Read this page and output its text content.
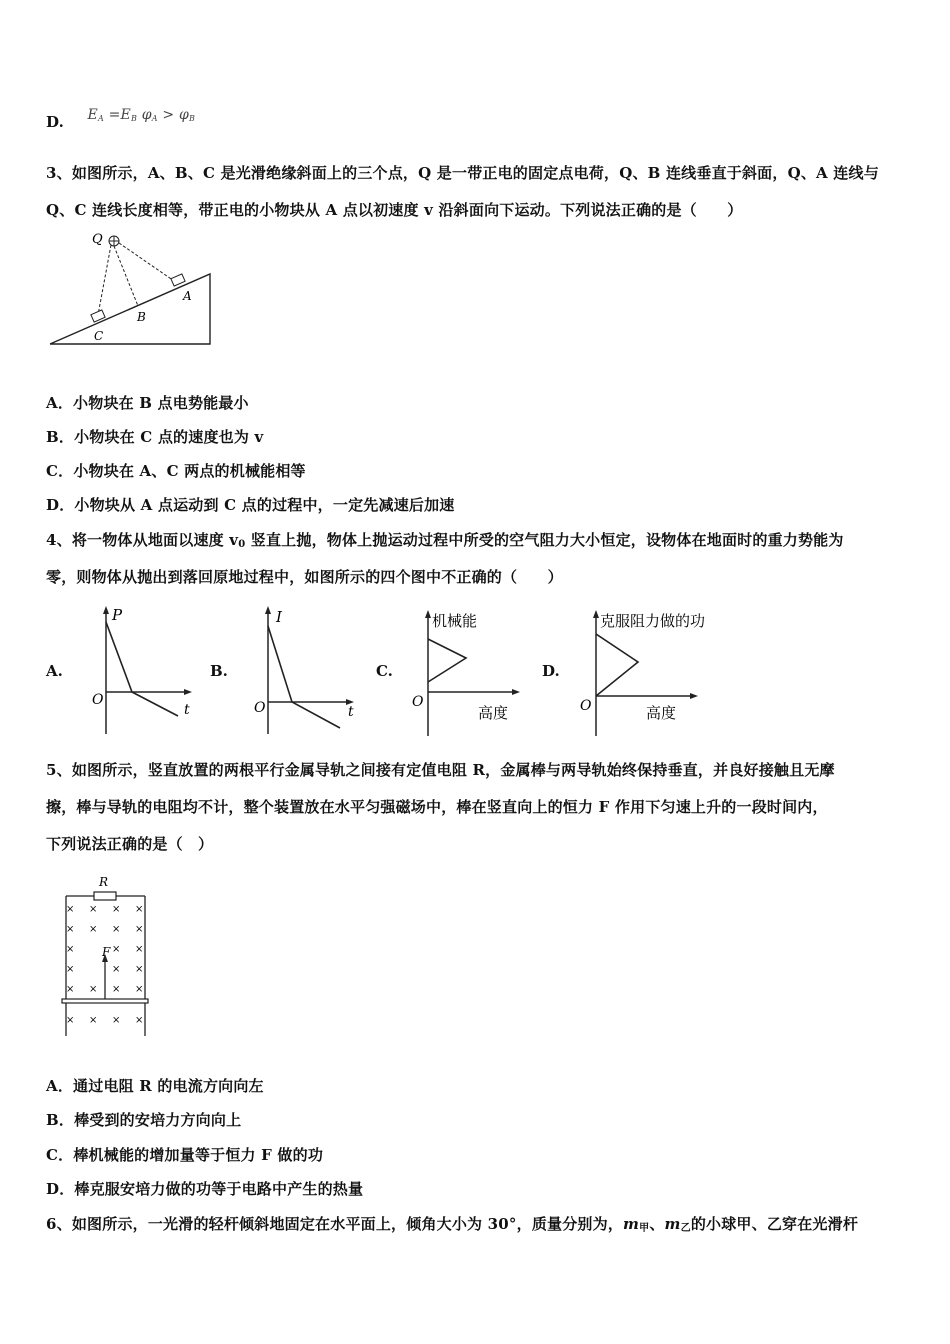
D. $E_A =E_B$ $\varphi_A > \varphi_B$
3、如图所示，A、B、C 是光滑绝缘斜面上的三个点，Q 是一带正电的固定点电荷，Q、B 连线垂直于斜面，Q、A 连线与
Q、C 连线长度相等，带正电的小物块从 A 点以初速度 v 沿斜面向下运动。下列说法正确的是（　　）
Q
A
B
C
A．小物块在 B 点电势能最小
B．小物块在 C 点的速度也为 v
C．小物块在 A、C 两点的机械能相等
D．小物块从 A 点运动到 C 点的过程中，一定先减速后加速
4、将一物体从地面以速度 $v_0$ 竖直上抛，物体上抛运动过程中所受的空气阻力大小恒定，设物体在地面时的重力势能为
零，则物体从抛出到落回原地过程中，如图所示的四个图中不正确的（　　）
A.
P
O
t
B.
I
O	t
C.
机械能
O
高度
D.
克服阻力做的功
O	高度
5、如图所示，竖直放置的两根平行金属导轨之间接有定值电阻 R，金属棒与两导轨始终保持垂直，并良好接触且无摩
擦，棒与导轨的电阻均不计，整个装置放在水平匀强磁场中，棒在竖直向上的恒力 F 作用下匀速上升的一段时间内，
下列说法正确的是（　）
R
F
× × × ×
× × × ×
×	× ×
×	× ×
× × × ×
× × × ×
A．通过电阻 R 的电流方向向左
B．棒受到的安培力方向向上
C．棒机械能的增加量等于恒力 F 做的功
D．棒克服安培力做的功等于电路中产生的热量
6、如图所示，一光滑的轻杆倾斜地固定在水平面上，倾角大小为 30°，质量分别为，$m_甲$、$m_乙$的小球甲、乙穿在光滑杆
